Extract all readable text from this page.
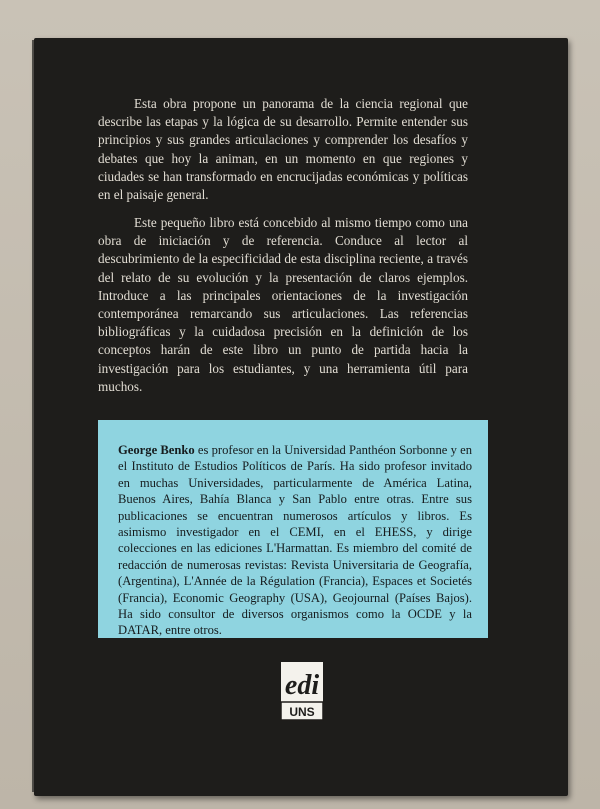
Esta obra propone un panorama de la ciencia regional que describe las etapas y la lógica de su desarrollo. Permite entender sus principios y sus grandes articulaciones y comprender los desafíos y debates que hoy la animan, en un momento en que regiones y ciudades se han transformado en encrucijadas económicas y políticas en el paisaje general.

Este pequeño libro está concebido al mismo tiempo como una obra de iniciación y de referencia. Conduce al lector al descubrimiento de la especificidad de esta disciplina reciente, a través del relato de su evolución y la presentación de claros ejemplos. Introduce a las principales orientaciones de la investigación contemporánea remarcando sus articulaciones. Las referencias bibliográficas y la cuidadosa precisión en la definición de los conceptos harán de este libro un punto de partida hacia la investigación para los estudiantes, y una herramienta útil para muchos.

George Benko es profesor en la Universidad Panthéon Sorbonne y en el Instituto de Estudios Políticos de París. Ha sido profesor invitado en muchas Universidades, particularmente de América Latina, Buenos Aires, Bahía Blanca y San Pablo entre otras. Entre sus publicaciones se encuentran numerosos artículos y libros. Es asimismo investigador en el CEMI, en el EHESS, y dirige colecciones en las ediciones L'Harmattan. Es miembro del comité de redacción de numerosas revistas: Revista Universitaria de Geografía, (Argentina), L'Année de la Régulation (Francia), Espaces et Societés (Francia), Economic Geography (USA), Geojournal (Países Bajos). Ha sido consultor de diversos organismos como la OCDE y la DATAR, entre otros.

edi
UNS
